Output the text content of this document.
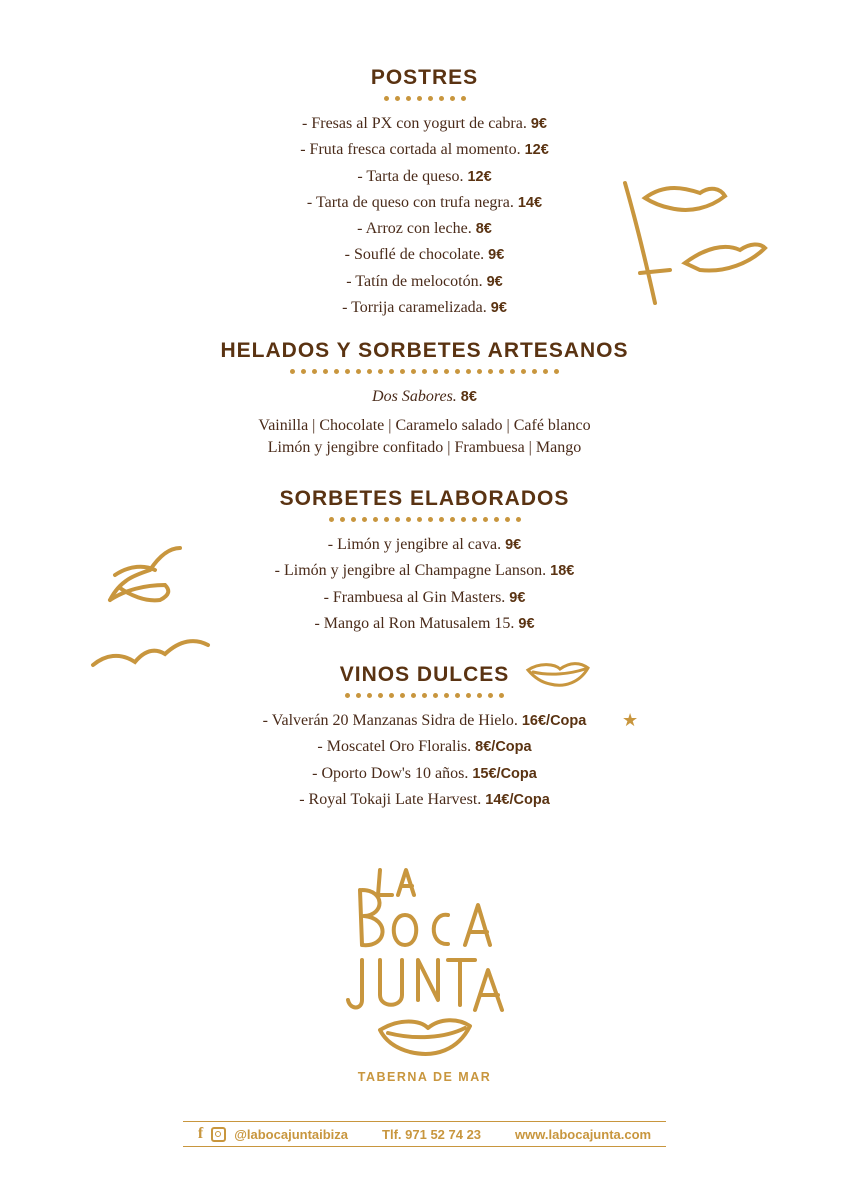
POSTRES
- Fresas al PX con yogurt de cabra. 9€
- Fruta fresca cortada al momento. 12€
- Tarta de queso. 12€
- Tarta de queso con trufa negra. 14€
- Arroz con leche. 8€
- Souflé de chocolate. 9€
- Tatín de melocotón. 9€
- Torrija caramelizada. 9€
HELADOS Y SORBETES ARTESANOS
Dos Sabores. 8€
Vainilla | Chocolate | Caramelo salado | Café blanco
Limón y jengibre confitado | Frambuesa | Mango
SORBETES ELABORADOS
- Limón y jengibre al cava. 9€
- Limón y jengibre al Champagne Lanson. 18€
- Frambuesa al Gin Masters. 9€
- Mango al Ron Matusalem 15. 9€
VINOS DULCES
- Valverán 20 Manzanas Sidra de Hielo. 16€/Copa
- Moscatel Oro Floralis. 8€/Copa
- Oporto Dow's 10 años. 15€/Copa
- Royal Tokaji Late Harvest. 14€/Copa
★
TABERNA DE MAR
f @labocajuntaibiza	Tlf. 971 52 74 23	www.labocajunta.com
